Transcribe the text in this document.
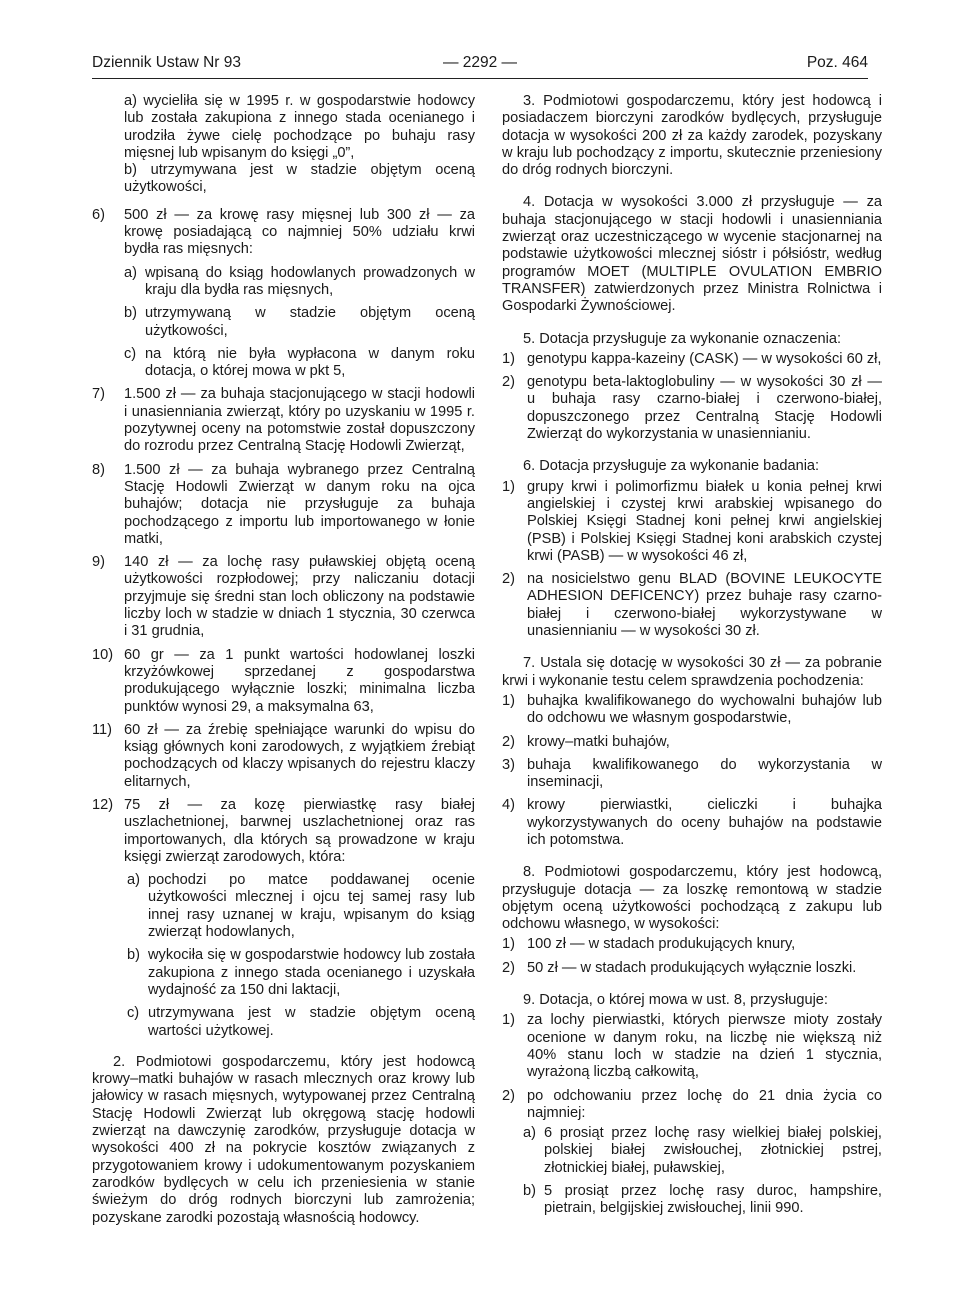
Dziennik Ustaw Nr 93	— 2292 —	Poz. 464

a) wycieliła się w 1995 r. w gospodarstwie hodowcy lub została zakupiona z innego stada ocenianego i urodziła żywe cielę pochodzące po buhaju rasy mięsnej lub wpisanym do księgi „0”,

b) utrzymywana jest w stadzie objętym oceną użytkowości,

6) 500 zł — za krowę rasy mięsnej lub 300 zł — za krowę posiadającą co najmniej 50% udziału krwi bydła ras mięsnych:
a) wpisaną do ksiąg hodowlanych prowadzonych w kraju dla bydła ras mięsnych,
b) utrzymywaną w stadzie objętym oceną użytkowości,
c) na którą nie była wypłacona w danym roku dotacja, o której mowa w pkt 5,
7) 1.500 zł — za buhaja stacjonującego w stacji hodowli i unasienniania zwierząt, który po uzyskaniu w 1995 r. pozytywnej oceny na potomstwie został dopuszczony do rozrodu przez Centralną Stację Hodowli Zwierząt,
8) 1.500 zł — za buhaja wybranego przez Centralną Stację Hodowli Zwierząt w danym roku na ojca buhajów; dotacja nie przysługuje za buhaja pochodzącego z importu lub importowanego w łonie matki,
9) 140 zł — za lochę rasy puławskiej objętą oceną użytkowości rozpłodowej; przy naliczaniu dotacji przyjmuje się średni stan loch obliczony na podstawie liczby loch w stadzie w dniach 1 stycznia, 30 czerwca i 31 grudnia,
10) 60 gr — za 1 punkt wartości hodowlanej loszki krzyżówkowej sprzedanej z gospodarstwa produkującego wyłącznie loszki; minimalna liczba punktów wynosi 29, a maksymalna 63,
11) 60 zł — za źrebię spełniające warunki do wpisu do ksiąg głównych koni zarodowych, z wyjątkiem źrebiąt pochodzących od klaczy wpisanych do rejestru klaczy elitarnych,
12) 75 zł — za kozę pierwiastkę rasy białej uszlachetnionej, barwnej uszlachetnionej oraz ras importowanych, dla których są prowadzone w kraju księgi zwierząt zarodowych, która:
a) pochodzi po matce poddawanej ocenie użytkowości mlecznej i ojcu tej samej rasy lub innej rasy uznanej w kraju, wpisanym do ksiąg zwierząt hodowlanych,
b) wykociła się w gospodarstwie hodowcy lub została zakupiona z innego stada ocenianego i uzyskała wydajność za 150 dni laktacji,
c) utrzymywana jest w stadzie objętym oceną wartości użytkowej.

2. Podmiotowi gospodarczemu, który jest hodowcą krowy–matki buhajów w rasach mlecznych oraz krowy lub jałowicy w rasach mięsnych, wytypowanej przez Centralną Stację Hodowli Zwierząt lub okręgową stację hodowli zwierząt na dawczynię zarodków, przysługuje dotacja w wysokości 400 zł na pokrycie kosztów związanych z przygotowaniem krowy i udokumentowanym pozyskaniem zarodków bydlęcych w celu ich przeniesienia w stanie świeżym do dróg rodnych biorczyni lub zamrożenia; pozyskane zarodki pozostają własnością hodowcy.

3. Podmiotowi gospodarczemu, który jest hodowcą i posiadaczem biorczyni zarodków bydlęcych, przysługuje dotacja w wysokości 200 zł za każdy zarodek, pozyskany w kraju lub pochodzący z importu, skutecznie przeniesiony do dróg rodnych biorczyni.

4. Dotacja w wysokości 3.000 zł przysługuje — za buhaja stacjonującego w stacji hodowli i unasienniania zwierząt oraz uczestniczącego w wycenie stacjonarnej na podstawie użytkowości mlecznej sióstr i półsióstr, według programów MOET (MULTIPLE OVULATION EMBRIO TRANSFER) zatwierdzonych przez Ministra Rolnictwa i Gospodarki Żywnościowej.

5. Dotacja przysługuje za wykonanie oznaczenia:

1) genotypu kappa-kazeiny (CASK) — w wysokości 60 zł,
2) genotypu beta-laktoglobuliny — w wysokości 30 zł — u buhaja rasy czarno-białej i czerwono-białej, dopuszczonego przez Centralną Stację Hodowli Zwierząt do wykorzystania w unasiennianiu.

6. Dotacja przysługuje za wykonanie badania:

1) grupy krwi i polimorfizmu białek u konia pełnej krwi angielskiej i czystej krwi arabskiej wpisanego do Polskiej Księgi Stadnej koni pełnej krwi angielskiej (PSB) i Polskiej Księgi Stadnej koni arabskich czystej krwi (PASB) — w wysokości 46 zł,
2) na nosicielstwo genu BLAD (BOVINE LEUKOCYTE ADHESION DEFICENCY) przez buhaje rasy czarno-białej i czerwono-białej wykorzystywane w unasiennianiu — w wysokości 30 zł.

7. Ustala się dotację w wysokości 30 zł — za pobranie krwi i wykonanie testu celem sprawdzenia pochodzenia:

1) buhajka kwalifikowanego do wychowalni buhajów lub do odchowu we własnym gospodarstwie,
2) krowy–matki buhajów,
3) buhaja kwalifikowanego do wykorzystania w inseminacji,
4) krowy pierwiastki, cieliczki i buhajka wykorzystywanych do oceny buhajów na podstawie ich potomstwa.

8. Podmiotowi gospodarczemu, który jest hodowcą, przysługuje dotacja — za loszkę remontową w stadzie objętym oceną użytkowości pochodzącą z zakupu lub odchowu własnego, w wysokości:

1) 100 zł — w stadach produkujących knury,
2) 50 zł — w stadach produkujących wyłącznie loszki.

9. Dotacja, o której mowa w ust. 8, przysługuje:

1) za lochy pierwiastki, których pierwsze mioty zostały ocenione w danym roku, na liczbę nie większą niż 40% stanu loch w stadzie na dzień 1 stycznia, wyrażoną liczbą całkowitą,
2) po odchowaniu przez lochę do 21 dnia życia co najmniej:
a) 6 prosiąt przez lochę rasy wielkiej białej polskiej, polskiej białej zwisłouchej, złotnickiej pstrej, złotnickiej białej, puławskiej,
b) 5 prosiąt przez lochę rasy duroc, hampshire, pietrain, belgijskiej zwisłouchej, linii 990.
